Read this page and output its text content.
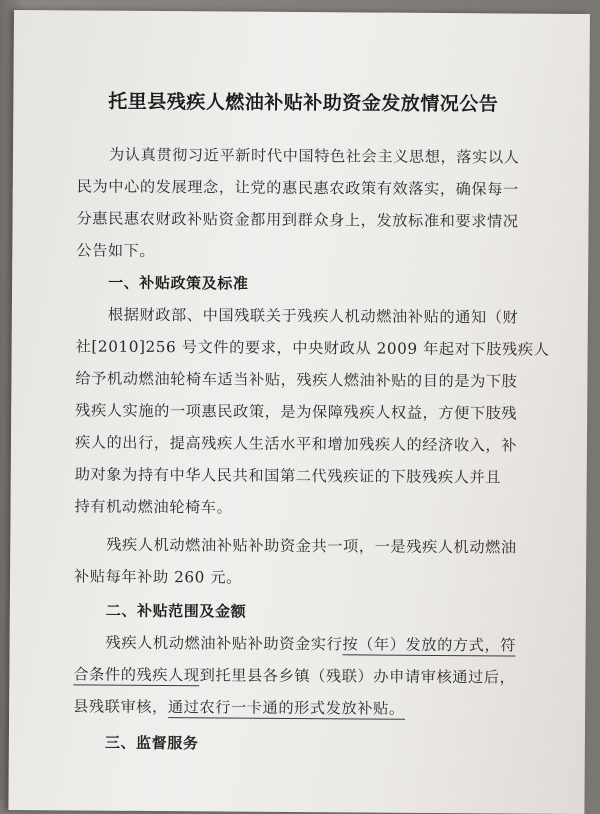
托里县残疾人燃油补贴补助资金发放情况公告
为认真贯彻习近平新时代中国特色社会主义思想，落实以人
民为中心的发展理念，让党的惠民惠农政策有效落实，确保每一
分惠民惠农财政补贴资金都用到群众身上，发放标准和要求情况
公告如下。
一、补贴政策及标准
根据财政部、中国残联关于残疾人机动燃油补贴的通知（财
社[2010]256 号文件的要求，中央财政从 2009 年起对下肢残疾人
给予机动燃油轮椅车适当补贴，残疾人燃油补贴的目的是为下肢
残疾人实施的一项惠民政策，是为保障残疾人权益，方便下肢残
疾人的出行，提高残疾人生活水平和增加残疾人的经济收入，补
助对象为持有中华人民共和国第二代残疾证的下肢残疾人并且
持有机动燃油轮椅车。
残疾人机动燃油补贴补助资金共一项，一是残疾人机动燃油
补贴每年补助 260 元。
二、补贴范围及金额
残疾人机动燃油补贴补助资金实行按（年）发放的方式，符
合条件的残疾人现到托里县各乡镇（残联）办申请审核通过后，
县残联审核，通过农行一卡通的形式发放补贴。
三、监督服务
